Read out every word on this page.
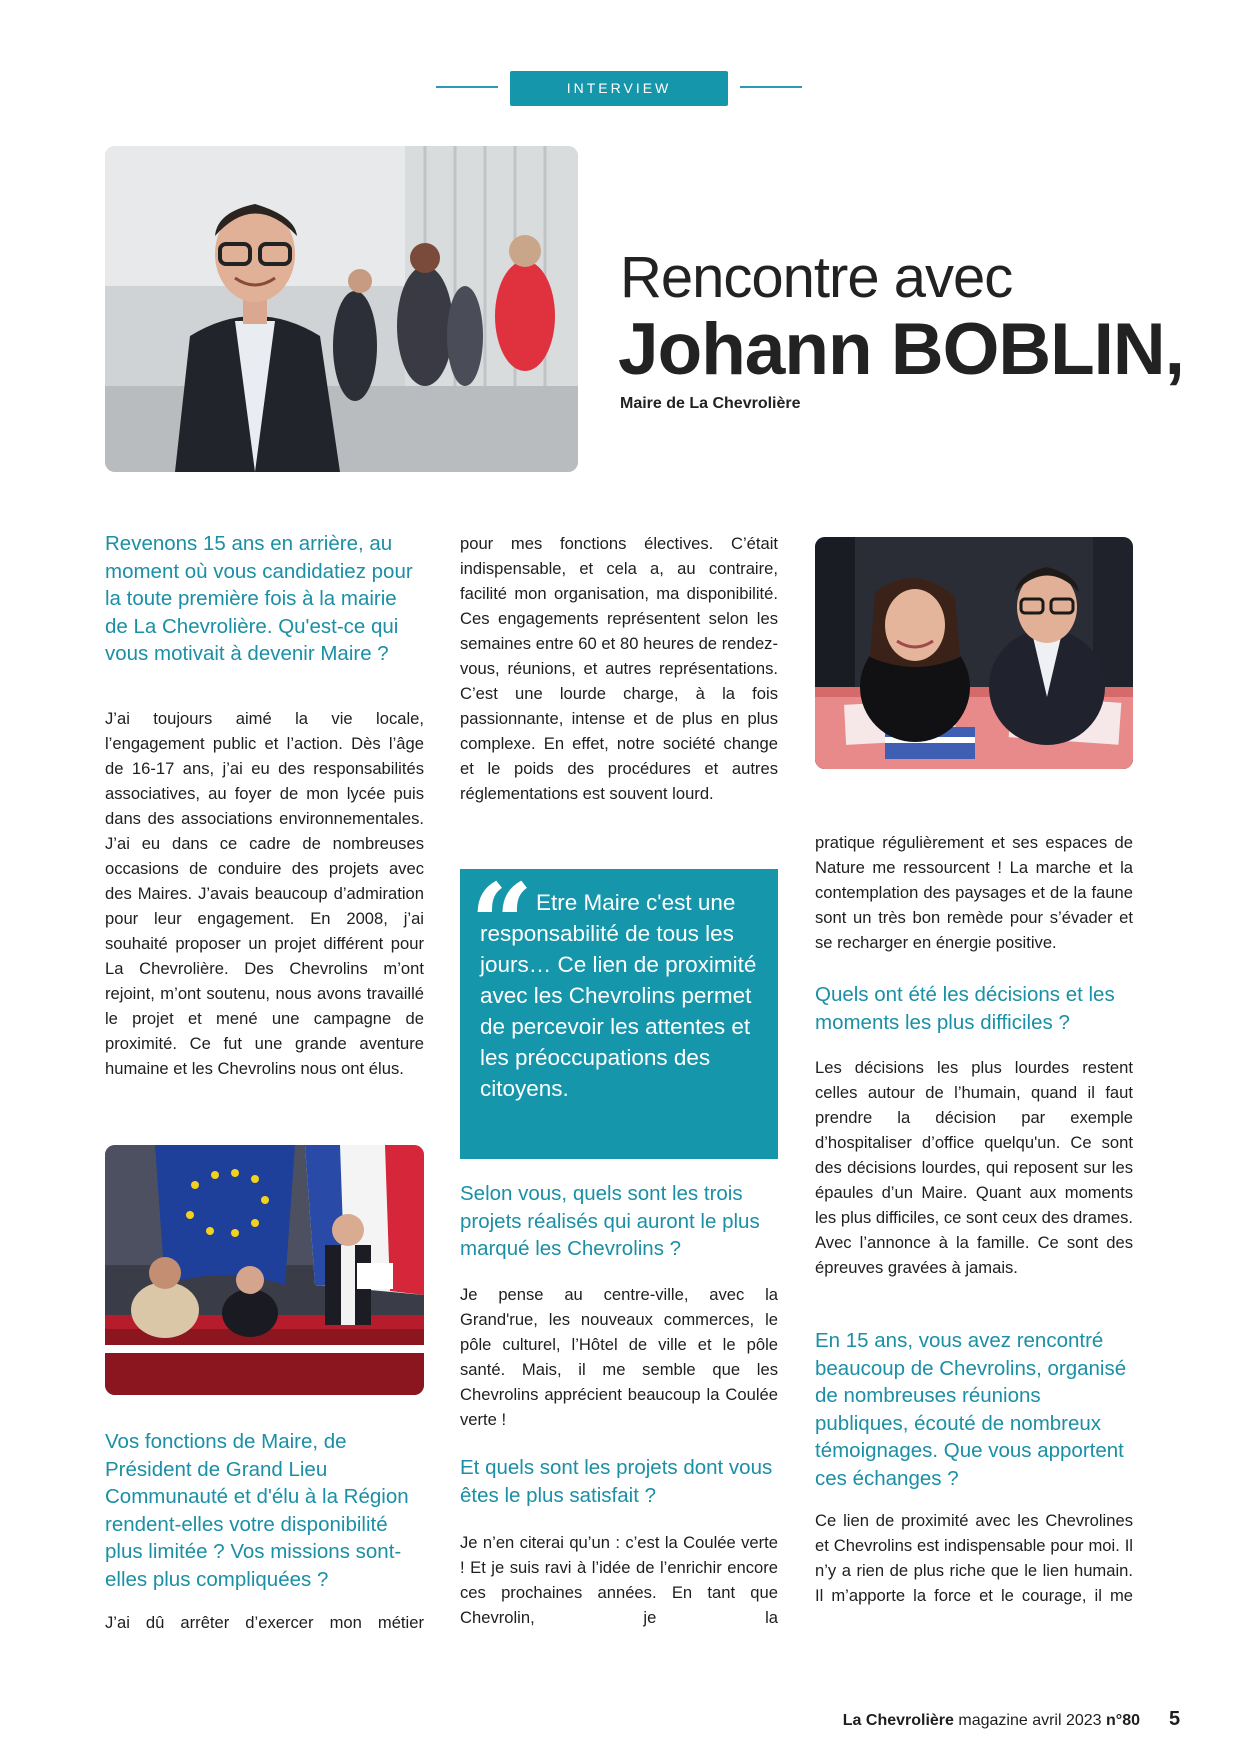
INTERVIEW
Rencontre avec
Johann BOBLIN,
Maire de La Chevrolière
Revenons 15 ans en arrière, au moment où vous candidatiez pour la toute première fois à la mairie de La Chevrolière. Qu'est-ce qui vous motivait à devenir Maire ?
J’ai toujours aimé la vie locale, l’engagement public et l’action. Dès l’âge de 16-17 ans, j’ai eu des responsabilités associatives, au foyer de mon lycée puis dans des associations environnementales. J’ai eu dans ce cadre de nombreuses occasions de conduire des projets avec des Maires. J’avais beaucoup d’admiration pour leur engagement. En 2008, j’ai souhaité proposer un projet différent pour La Chevrolière. Des Chevrolins m’ont rejoint, m’ont soutenu, nous avons travaillé le projet et mené une campagne de proximité. Ce fut une grande aventure humaine et les Chevrolins nous ont élus.
Vos fonctions de Maire, de Président de Grand Lieu Communauté et d'élu à la Région rendent-elles votre disponibilité plus limitée ? Vos missions sont-elles plus compliquées ?
J’ai dû arrêter d’exercer mon métier
pour mes fonctions électives. C’était indispensable, et cela a, au contraire, facilité mon organisation, ma disponibilité. Ces engagements représentent selon les semaines entre 60 et 80 heures de rendez-vous, réunions, et autres représentations. C’est une lourde charge, à la fois passionnante, intense et de plus en plus complexe. En effet, notre société change et le poids des procédures et autres réglementations est souvent lourd.
“ Etre Maire c'est une responsabilité de tous les jours… Ce lien de proximité avec les Chevrolins permet de percevoir les attentes et les préoccupations des citoyens.
Selon vous, quels sont les trois projets réalisés qui auront le plus marqué les Chevrolins ?
Je pense au centre-ville, avec la Grand'rue, les nouveaux commerces, le pôle culturel, l’Hôtel de ville et le pôle santé. Mais, il me semble que les Chevrolins apprécient beaucoup la Coulée verte !
Et quels sont les projets dont vous êtes le plus satisfait ?
Je n’en citerai qu’un : c’est la Coulée verte ! Et je suis ravi à l’idée de l’enrichir encore ces prochaines années. En tant que Chevrolin, je la
pratique régulièrement et ses espaces de Nature me ressourcent ! La marche et la contemplation des paysages et de la faune sont un très bon remède pour s’évader et se recharger en énergie positive.
Quels ont été les décisions et les moments les plus difficiles ?
Les décisions les plus lourdes restent celles autour de l’humain, quand il faut prendre la décision par exemple d’hospitaliser d’office quelqu'un. Ce sont des décisions lourdes, qui reposent sur les épaules d’un Maire. Quant aux moments les plus difficiles, ce sont ceux des drames. Avec l’annonce à la famille. Ce sont des épreuves gravées à jamais.
En 15 ans, vous avez rencontré beaucoup de Chevrolins, organisé de nombreuses réunions publiques, écouté de nombreux témoignages. Que vous apportent ces échanges ?
Ce lien de proximité avec les Chevrolines et Chevrolins est indispensable pour moi. Il n’y a rien de plus riche que le lien humain. Il m’apporte la force et le courage, il me
La Chevrolière magazine avril 2023 n°80 5
